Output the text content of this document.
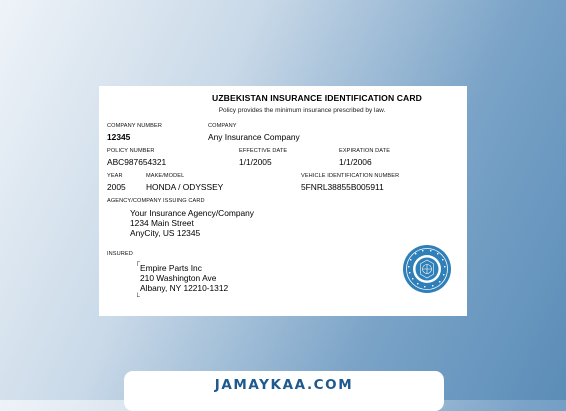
UZBEKISTAN INSURANCE IDENTIFICATION CARD
Policy provides the minimum insurance prescribed by law.
COMPANY NUMBER
12345
COMPANY
Any Insurance Company
POLICY NUMBER
ABC987654321
EFFECTIVE DATE
1/1/2005
EXPIRATION DATE
1/1/2006
YEAR
2005
MAKE/MODEL
HONDA / ODYSSEY
VEHICLE IDENTIFICATION NUMBER
5FNRL38855B005911
AGENCY/COMPANY ISSUING CARD
Your Insurance Agency/Company
1234 Main Street
AnyCity, US 12345
INSURED
┌
└
Empire Parts Inc
210 Washington Ave
Albany, NY 12210-1312
JAMAYKAA.COM
